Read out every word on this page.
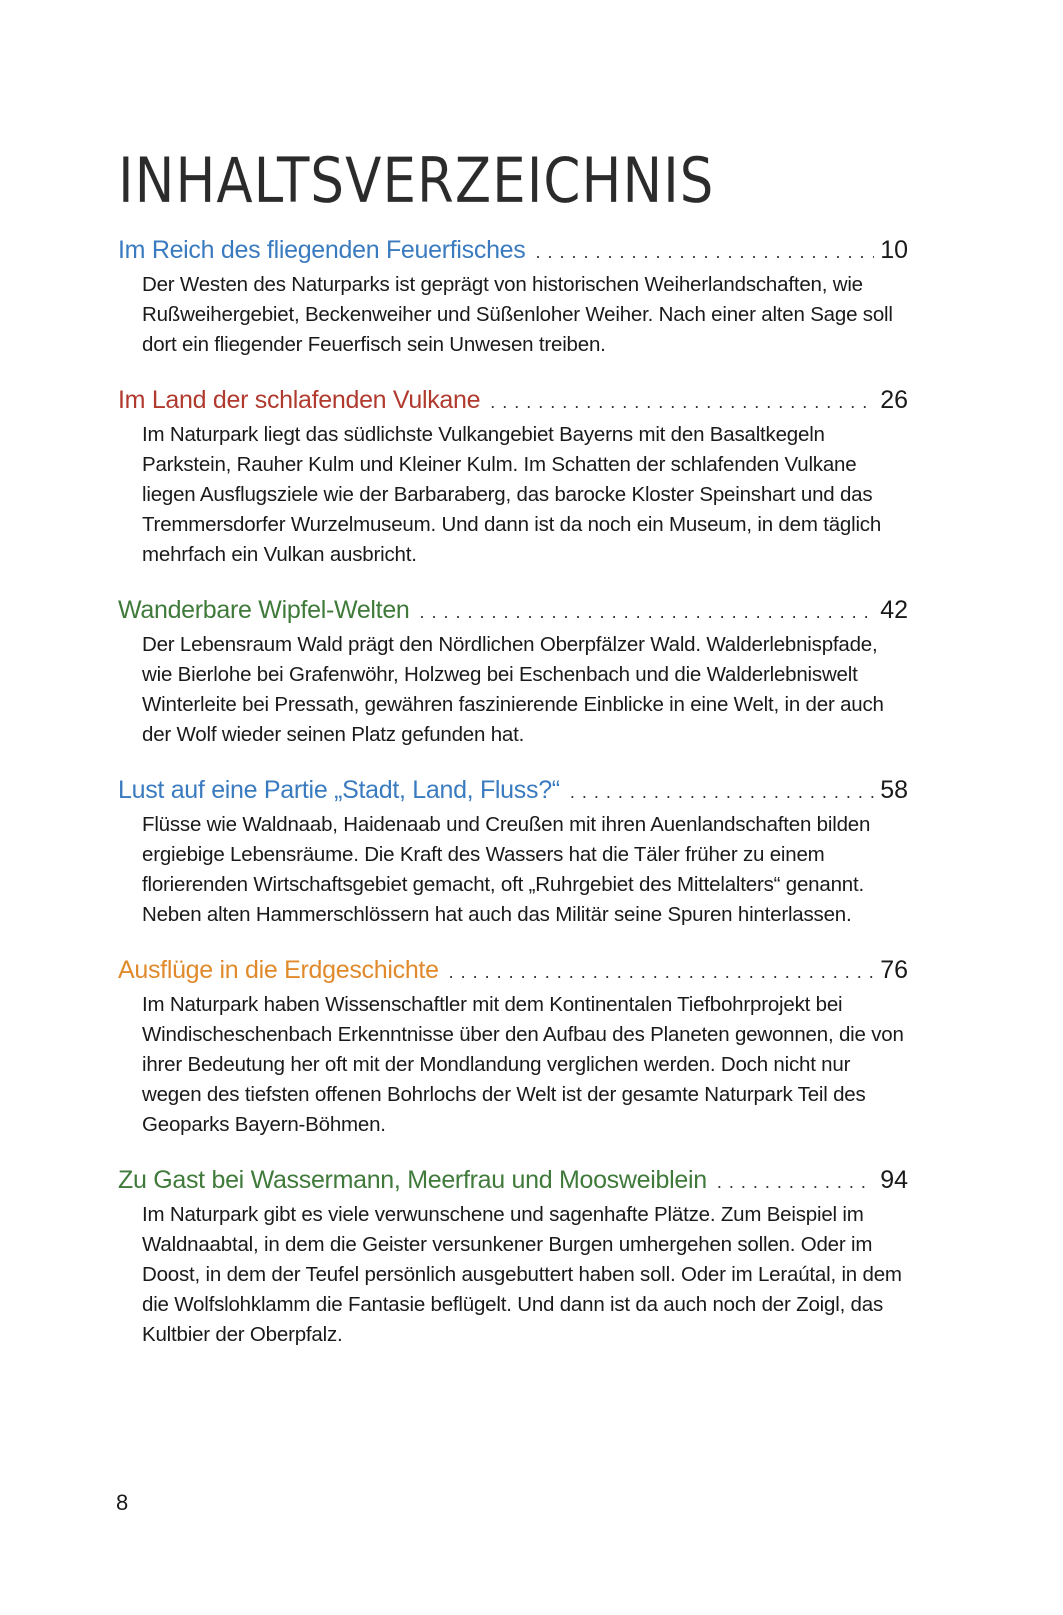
INHALTSVERZEICHNIS
Im Reich des fliegenden Feuerfisches . . .	10

Der Westen des Naturparks ist geprägt von historischen Weiherlandschaften, wie Rußweihergebiet, Beckenweiher und Süßenloher Weiher. Nach einer alten Sage soll dort ein fliegender Feuerfisch sein Unwesen treiben.

Im Land der schlafenden Vulkane . . .	26

Im Naturpark liegt das südlichste Vulkangebiet Bayerns mit den Basaltkegeln Parkstein, Rauher Kulm und Kleiner Kulm. Im Schatten der schlafenden Vulkane liegen Ausflugsziele wie der Barbaraberg, das barocke Kloster Speinshart und das Tremmersdorfer Wurzelmuseum. Und dann ist da noch ein Museum, in dem täglich mehrfach ein Vulkan ausbricht.

Wanderbare Wipfel-Welten . . .	42

Der Lebensraum Wald prägt den Nördlichen Oberpfälzer Wald. Walderlebnispfade, wie Bierlohe bei Grafenwöhr, Holzweg bei Eschenbach und die Walderlebniswelt Winterleite bei Pressath, gewähren faszinierende Einblicke in eine Welt, in der auch der Wolf wieder seinen Platz gefunden hat.

Lust auf eine Partie „Stadt, Land, Fluss?“ . . .	58

Flüsse wie Waldnaab, Haidenaab und Creußen mit ihren Auenlandschaften bilden ergiebige Lebensräume. Die Kraft des Wassers hat die Täler früher zu einem florierenden Wirtschaftsgebiet gemacht, oft „Ruhrgebiet des Mittelalters“ genannt. Neben alten Hammerschlössern hat auch das Militär seine Spuren hinterlassen.

Ausflüge in die Erdgeschichte . . .	76

Im Naturpark haben Wissenschaftler mit dem Kontinentalen Tiefbohrprojekt bei Windischeschenbach Erkenntnisse über den Aufbau des Planeten gewonnen, die von ihrer Bedeutung her oft mit der Mondlandung verglichen werden. Doch nicht nur wegen des tiefsten offenen Bohrlochs der Welt ist der gesamte Naturpark Teil des Geoparks Bayern-Böhmen.

Zu Gast bei Wassermann, Meerfrau und Moosweiblein . . .	94

Im Naturpark gibt es viele verwunschene und sagenhafte Plätze. Zum Beispiel im Waldnaabtal, in dem die Geister versunkener Burgen umhergehen sollen. Oder im Doost, in dem der Teufel persönlich ausgebuttert haben soll. Oder im Leraútal, in dem die Wolfslohklamm die Fantasie beflügelt. Und dann ist da auch noch der Zoigl, das Kultbier der Oberpfalz.

8
